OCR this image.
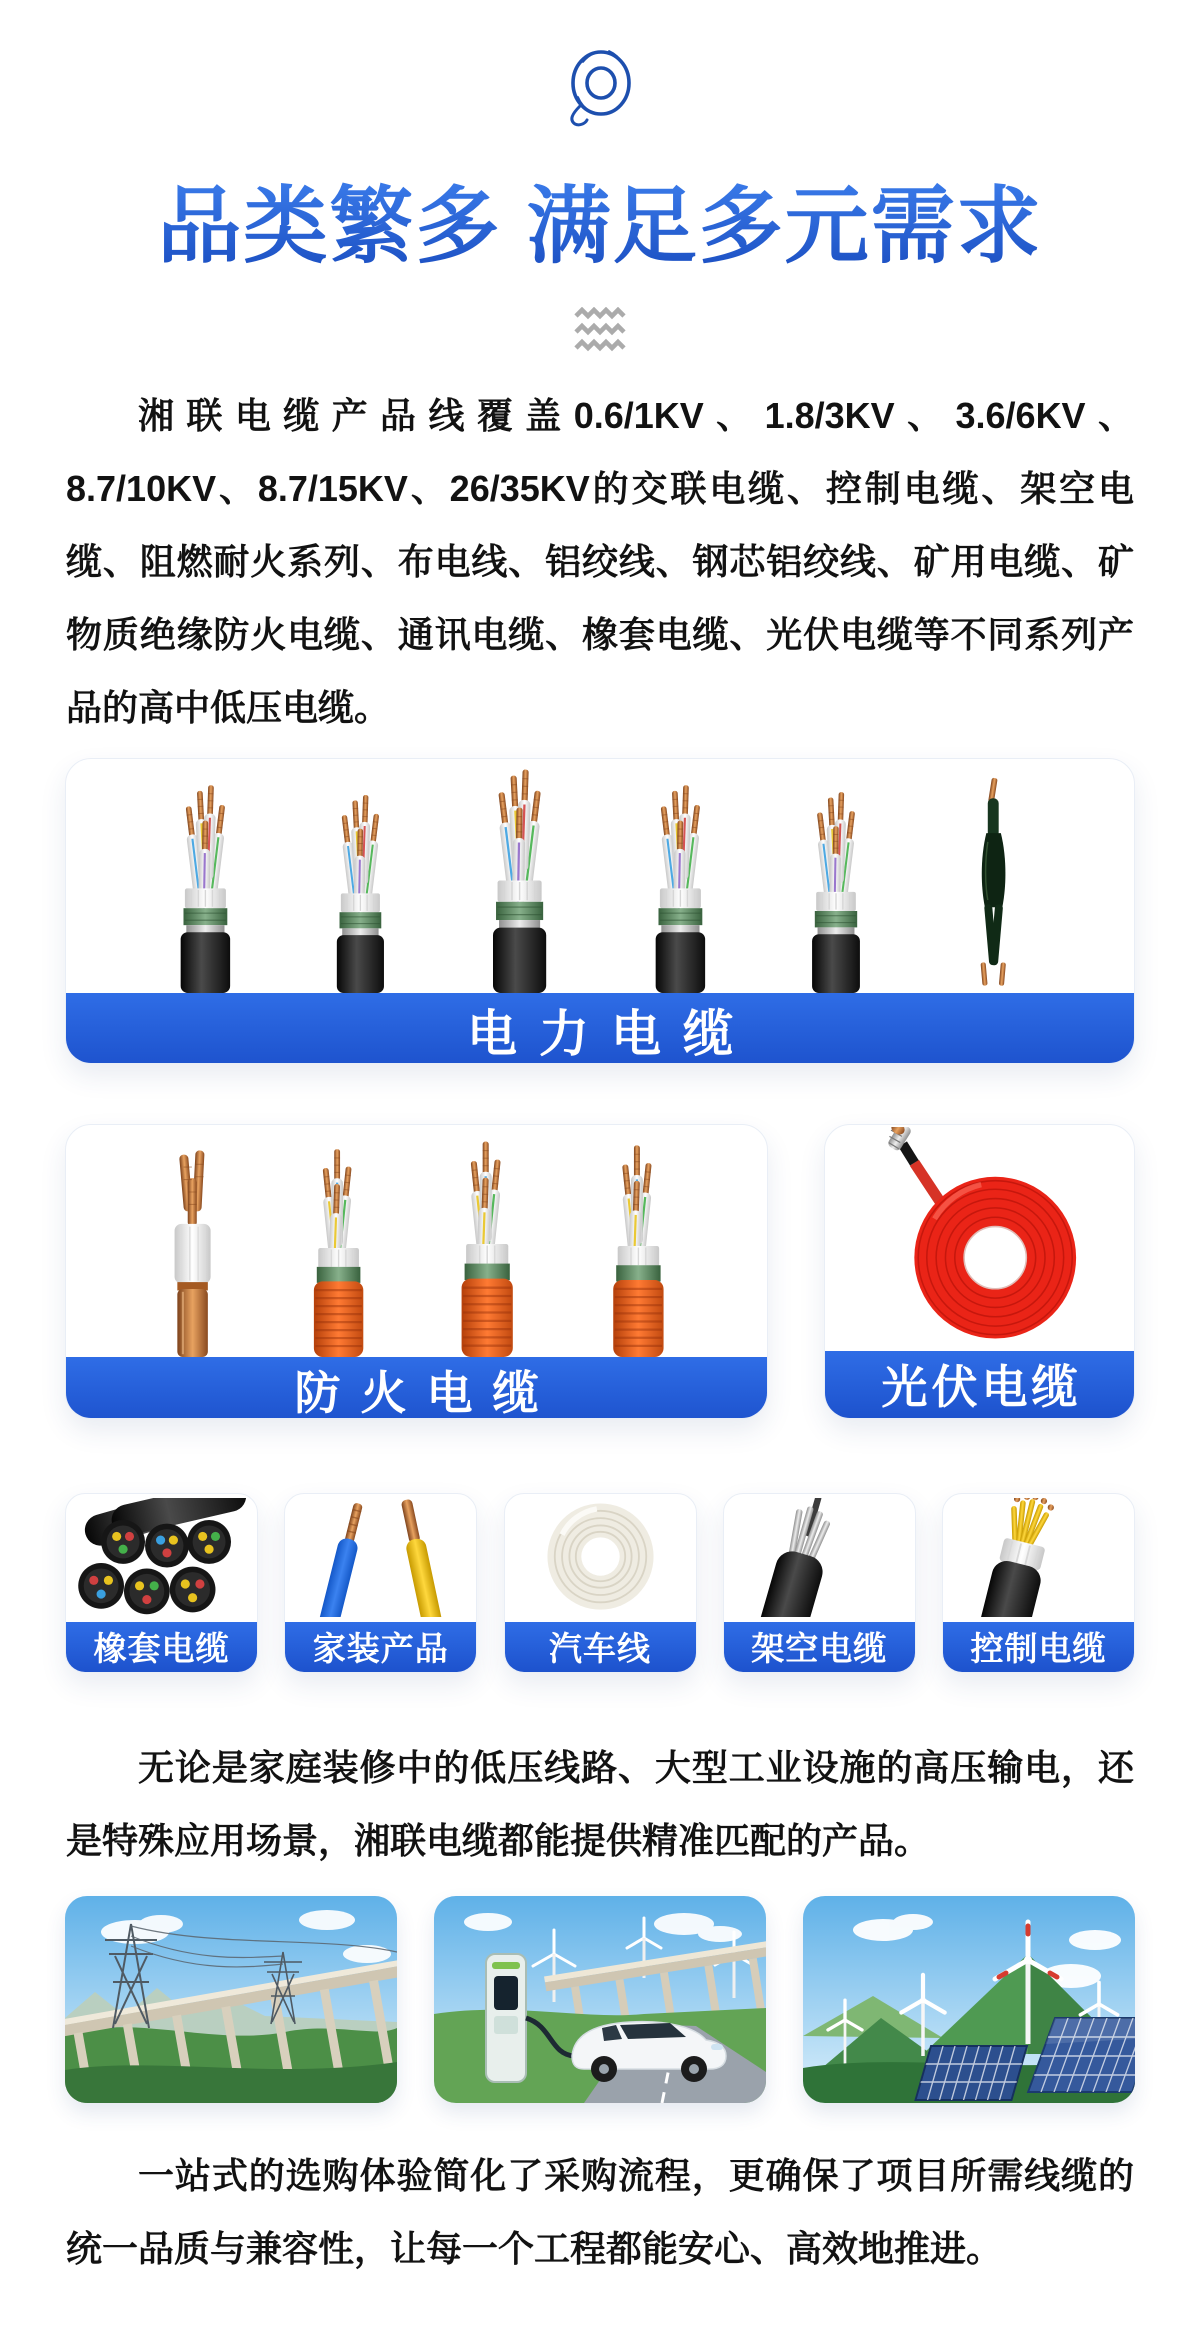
品类繁多 满足多元需求

湘联电缆产品线覆盖0.6/1KV、1.8/3KV、3.6/6KV、8.7/10KV、8.7/15KV、26/35KV的交联电缆、控制电缆、架空电缆、阻燃耐火系列、布电线、铝绞线、钢芯铝绞线、矿用电缆、矿物质绝缘防火电缆、通讯电缆、橡套电缆、光伏电缆等不同系列产品的高中低压电缆。

电力电缆
防火电缆	光伏电缆
橡套电缆	家装产品	汽车线	架空电缆	控制电缆

无论是家庭装修中的低压线路、大型工业设施的高压输电，还是特殊应用场景，湘联电缆都能提供精准匹配的产品。

一站式的选购体验简化了采购流程，更确保了项目所需线缆的统一品质与兼容性，让每一个工程都能安心、高效地推进。
